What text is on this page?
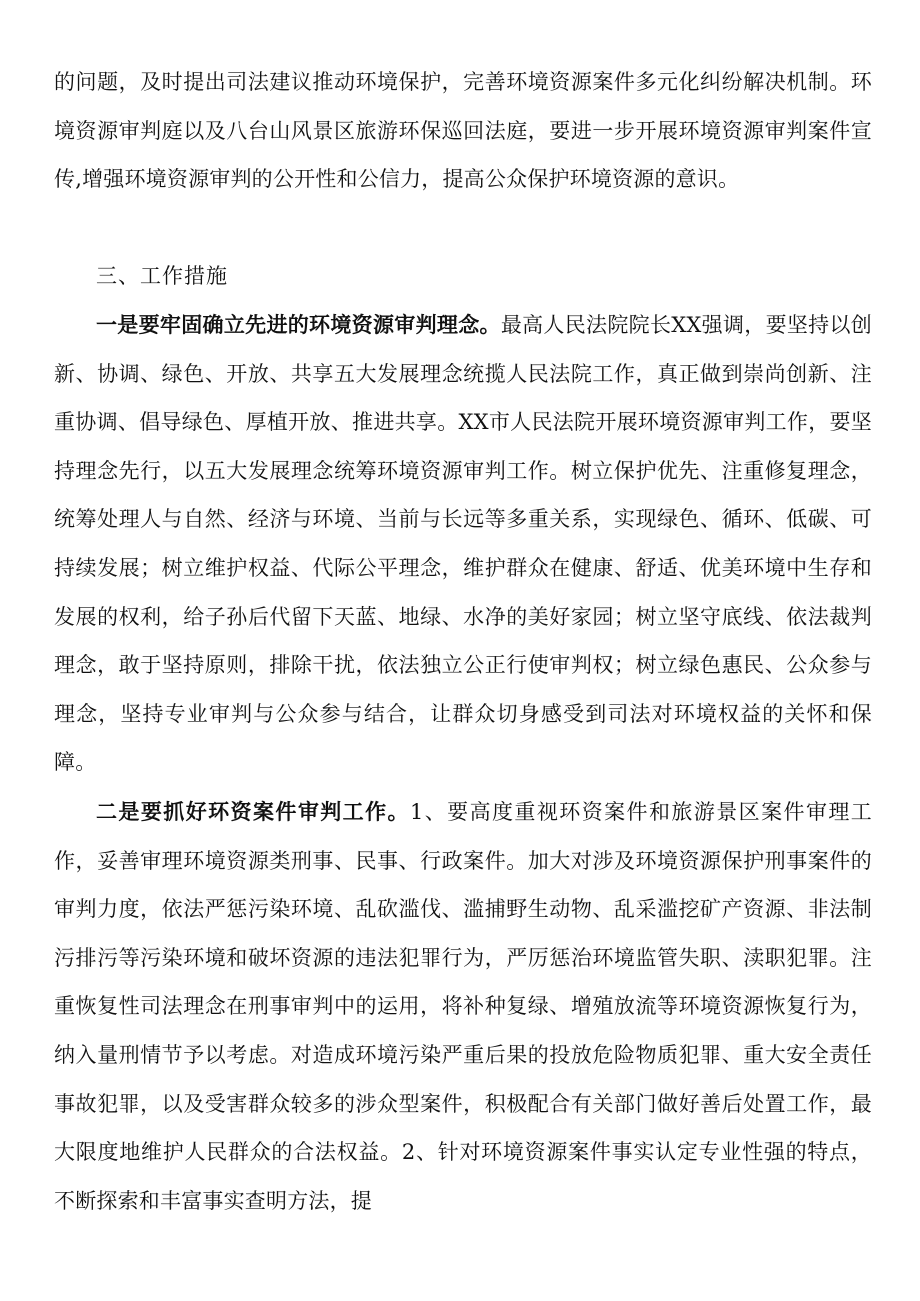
的问题，及时提出司法建议推动环境保护，完善环境资源案件多元化纠纷解决机制。环境资源审判庭以及八台山风景区旅游环保巡回法庭，要进一步开展环境资源审判案件宣传,增强环境资源审判的公开性和公信力，提高公众保护环境资源的意识。

三、工作措施

一是要牢固确立先进的环境资源审判理念。最高人民法院院长XX强调，要坚持以创新、协调、绿色、开放、共享五大发展理念统揽人民法院工作，真正做到崇尚创新、注重协调、倡导绿色、厚植开放、推进共享。XX市人民法院开展环境资源审判工作，要坚持理念先行，以五大发展理念统筹环境资源审判工作。树立保护优先、注重修复理念，统筹处理人与自然、经济与环境、当前与长远等多重关系，实现绿色、循环、低碳、可持续发展；树立维护权益、代际公平理念，维护群众在健康、舒适、优美环境中生存和发展的权利，给子孙后代留下天蓝、地绿、水净的美好家园；树立坚守底线、依法裁判理念，敢于坚持原则，排除干扰，依法独立公正行使审判权；树立绿色惠民、公众参与理念，坚持专业审判与公众参与结合，让群众切身感受到司法对环境权益的关怀和保障。

二是要抓好环资案件审判工作。1、要高度重视环资案件和旅游景区案件审理工作，妥善审理环境资源类刑事、民事、行政案件。加大对涉及环境资源保护刑事案件的审判力度，依法严惩污染环境、乱砍滥伐、滥捕野生动物、乱采滥挖矿产资源、非法制污排污等污染环境和破坏资源的违法犯罪行为，严厉惩治环境监管失职、渎职犯罪。注重恢复性司法理念在刑事审判中的运用，将补种复绿、增殖放流等环境资源恢复行为，纳入量刑情节予以考虑。对造成环境污染严重后果的投放危险物质犯罪、重大安全责任事故犯罪，以及受害群众较多的涉众型案件，积极配合有关部门做好善后处置工作，最大限度地维护人民群众的合法权益。2、针对环境资源案件事实认定专业性强的特点，不断探索和丰富事实查明方法，提
